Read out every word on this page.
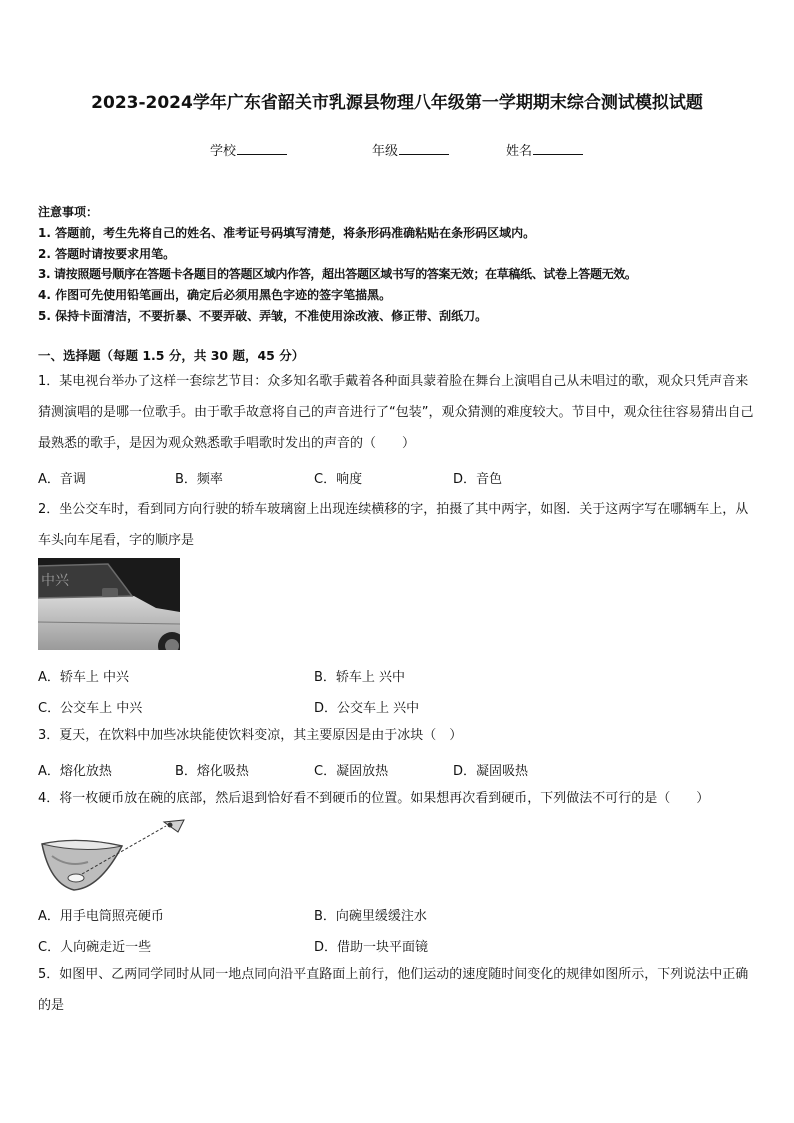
2023-2024学年广东省韶关市乳源县物理八年级第一学期期末综合测试模拟试题
学校	年级	姓名
注意事项：
1. 答题前，考生先将自己的姓名、准考证号码填写清楚，将条形码准确粘贴在条形码区域内。
2. 答题时请按要求用笔。
3. 请按照题号顺序在答题卡各题目的答题区域内作答，超出答题区域书写的答案无效；在草稿纸、试卷上答题无效。
4. 作图可先使用铅笔画出，确定后必须用黑色字迹的签字笔描黑。
5. 保持卡面清洁，不要折暴、不要弄破、弄皱，不准使用涂改液、修正带、刮纸刀。
一、选择题（每题 1.5 分，共 30 题，45 分）
1．某电视台举办了这样一套综艺节目：众多知名歌手戴着各种面具蒙着脸在舞台上演唱自己从未唱过的歌，观众只凭声音来猜测演唱的是哪一位歌手。由于歌手故意将自己的声音进行了“包装”，观众猜测的难度较大。节目中，观众往往容易猜出自己最熟悉的歌手，是因为观众熟悉歌手唱歌时发出的声音的（　　）
A．音调	B．频率	C．响度	D．音色
2．坐公交车时，看到同方向行驶的轿车玻璃窗上出现连续横移的字，拍摄了其中两字，如图．关于这两字写在哪辆车上，从车头向车尾看，字的顺序是
中兴
A．轿车上 中兴	B．轿车上 兴中
C．公交车上 中兴	D．公交车上 兴中
3．夏天，在饮料中加些冰块能使饮料变凉，其主要原因是由于冰块（　）
A．熔化放热	B．熔化吸热	C．凝固放热	D．凝固吸热
4．将一枚硬币放在碗的底部，然后退到恰好看不到硬币的位置。如果想再次看到硬币，下列做法不可行的是（　　）
A．用手电筒照亮硬币	B．向碗里缓缓注水
C．人向碗走近一些	D．借助一块平面镜
5．如图甲、乙两同学同时从同一地点同向沿平直路面上前行，他们运动的速度随时间变化的规律如图所示，下列说法中正确的是
